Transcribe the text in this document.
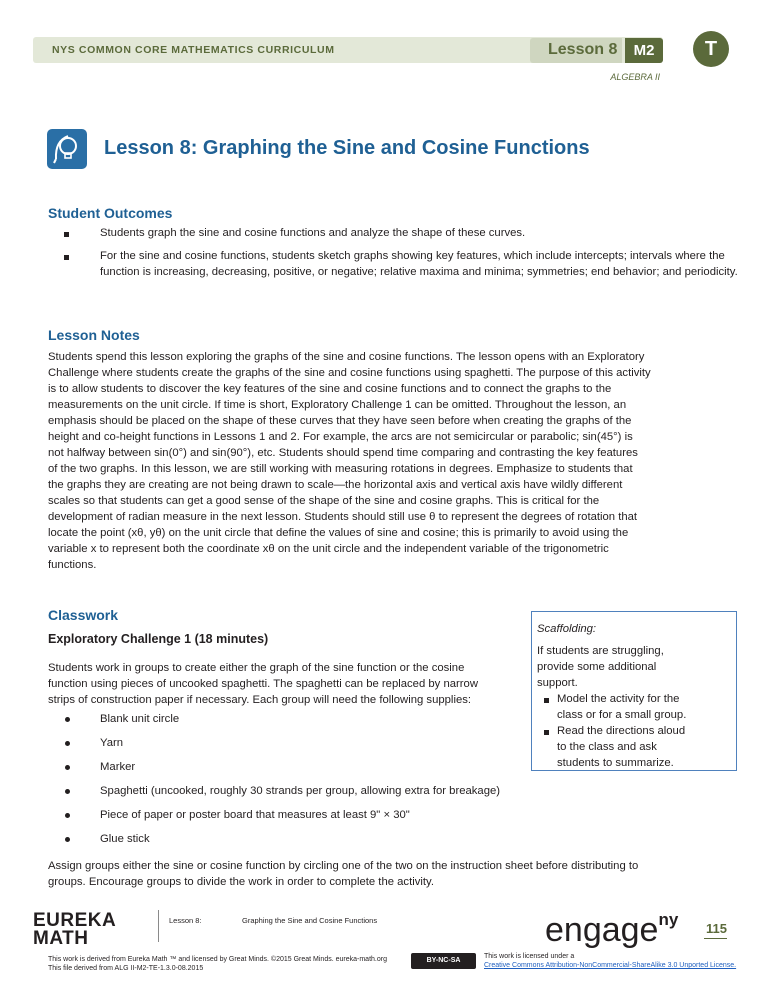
NYS COMMON CORE MATHEMATICS CURRICULUM	Lesson 8	M2	T
ALGEBRA II
Lesson 8: Graphing the Sine and Cosine Functions
Student Outcomes

Students graph the sine and cosine functions and analyze the shape of these curves.

For the sine and cosine functions, students sketch graphs showing key features, which include intercepts; intervals where the function is increasing, decreasing, positive, or negative; relative maxima and minima; symmetries; end behavior; and periodicity.

Lesson Notes
Students spend this lesson exploring the graphs of the sine and cosine functions. The lesson opens with an Exploratory
Challenge where students create the graphs of the sine and cosine functions using spaghetti. The purpose of this activity
is to allow students to discover the key features of the sine and cosine functions and to connect the graphs to the
measurements on the unit circle. If time is short, Exploratory Challenge 1 can be omitted. Throughout the lesson, an
emphasis should be placed on the shape of these curves that they have seen before when creating the graphs of the
height and co-height functions in Lessons 1 and 2. For example, the arcs are not semicircular or parabolic; sin(45°) is
not halfway between sin(0°) and sin(90°), etc. Students should spend time comparing and contrasting the key features
of the two graphs. In this lesson, we are still working with measuring rotations in degrees. Emphasize to students that
the graphs they are creating are not being drawn to scale—the horizontal axis and vertical axis have wildly different
scales so that students can get a good sense of the shape of the sine and cosine graphs. This is critical for the
development of radian measure in the next lesson. Students should still use θ to represent the degrees of rotation that
locate the point (xθ, yθ) on the unit circle that define the values of sine and cosine; this is primarily to avoid using the
variable x to represent both the coordinate xθ on the unit circle and the independent variable of the trigonometric
functions.
Classwork
Exploratory Challenge 1 (18 minutes)
Students work in groups to create either the graph of the sine function or the cosine
function using pieces of uncooked spaghetti. The spaghetti can be replaced by narrow
strips of construction paper if necessary. Each group will need the following supplies:
Blank unit circle
Yarn
Marker
Spaghetti (uncooked, roughly 30 strands per group, allowing extra for breakage)
Piece of paper or poster board that measures at least 9" × 30"
Glue stick
Assign groups either the sine or cosine function by circling one of the two on the instruction sheet before distributing to
groups. Encourage groups to divide the work in order to complete the activity.
Scaffolding:
If students are struggling,
provide some additional
support.
Model the activity for the
class or for a small group.
Read the directions aloud
to the class and ask
students to summarize.
EUREKA
MATH
Lesson 8:	Graphing the Sine and Cosine Functions	engage$^{ny}$ 115
This work is derived from Eureka Math ™ and licensed by Great Minds. ©2015 Great Minds. eureka-math.org
This file derived from ALG II-M2-TE-1.3.0-08.2015
BY-NC-SA
This work is licensed under a
Creative Commons Attribution-NonCommercial-ShareAlike 3.0 Unported License.
